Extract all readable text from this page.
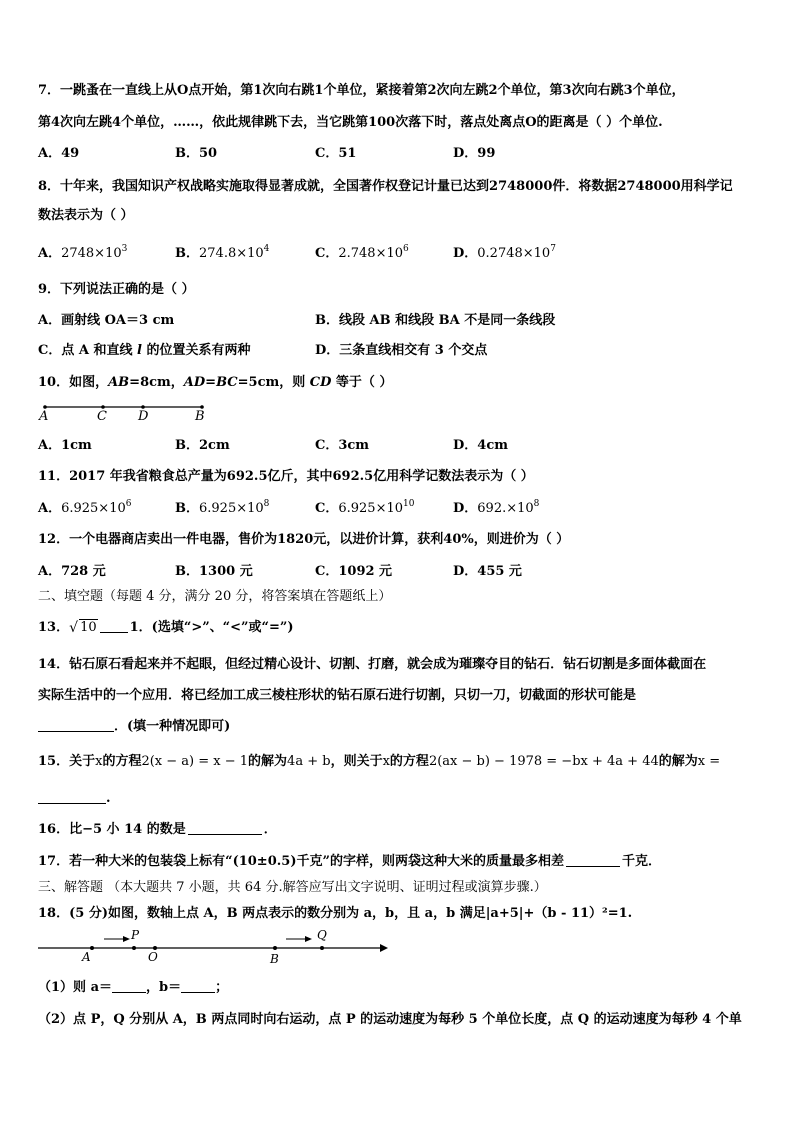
7．一跳蚤在一直线上从O点开始，第1次向右跳1个单位，紧接着第2次向左跳2个单位，第3次向右跳3个单位，
第4次向左跳4个单位，……，依此规律跳下去，当它跳第100次落下时，落点处离点O的距离是（ ）个单位.
A．49	B．50	C．51	D．99
8．十年来，我国知识产权战略实施取得显著成就，全国著作权登记计量已达到2748000件．将数据2748000用科学记
数法表示为（ ）
A．$2748\times 10^3$	B．$274.8\times 10^4$	C．$2.748\times 10^6$	D．$0.2748\times 10^7$
9．下列说法正确的是（ ）
A．画射线 OA＝3 cm	B．线段 AB 和线段 BA 不是同一条线段
C．点 A 和直线 l 的位置关系有两种	D．三条直线相交有 3 个交点
10．如图，AB=8cm，AD=BC=5cm，则 CD 等于（ ）
A	C D	B
A．1cm	B．2cm	C．3cm	D．4cm
11．2017 年我省粮食总产量为692.5亿斤，其中692.5亿用科学记数法表示为（ ）
A．$6.925\times 10^6$	B．$6.925\times 10^8$	C．$6.925\times 10^{10}$	D．$692.\times 10^8$
12．一个电器商店卖出一件电器，售价为1820元，以进价计算，获利40%，则进价为（ ）
A．728 元	B．1300 元	C．1092 元	D．455 元
二、填空题（每题 4 分，满分 20 分，将答案填在答题纸上）
13． √ 10	1．(选填“>”、“<”或“=”)
14．钻石原石看起来并不起眼，但经过精心设计、切割、打磨，就会成为璀璨夺目的钻石．钻石切割是多面体截面在
实际生活中的一个应用．将已经加工成三棱柱形状的钻石原石进行切割，只切一刀，切截面的形状可能是
．(填一种情况即可)
15．关于x的方程2(x − a) = x − 1的解为4a + b，则关于x的方程2(ax − b) − 1978 = −bx + 4a + 44的解为x =
.
16．比−5 小 14 的数是	．
17．若一种大米的包装袋上标有“(10±0.5)千克”的字样，则两袋这种大米的质量最多相差	千克．
三、解答题 （本大题共 7 小题，共 64 分.解答应写出文字说明、证明过程或演算步骤.）
18．(5 分)如图，数轴上点 A，B 两点表示的数分别为 a，b，且 a，b 满足|a+5|+（b - 11）²=1.
A
P
O	B
Q
（1）则 a＝	，b＝	；
（2）点 P，Q 分别从 A，B 两点同时向右运动，点 P 的运动速度为每秒 5 个单位长度，点 Q 的运动速度为每秒 4 个单
